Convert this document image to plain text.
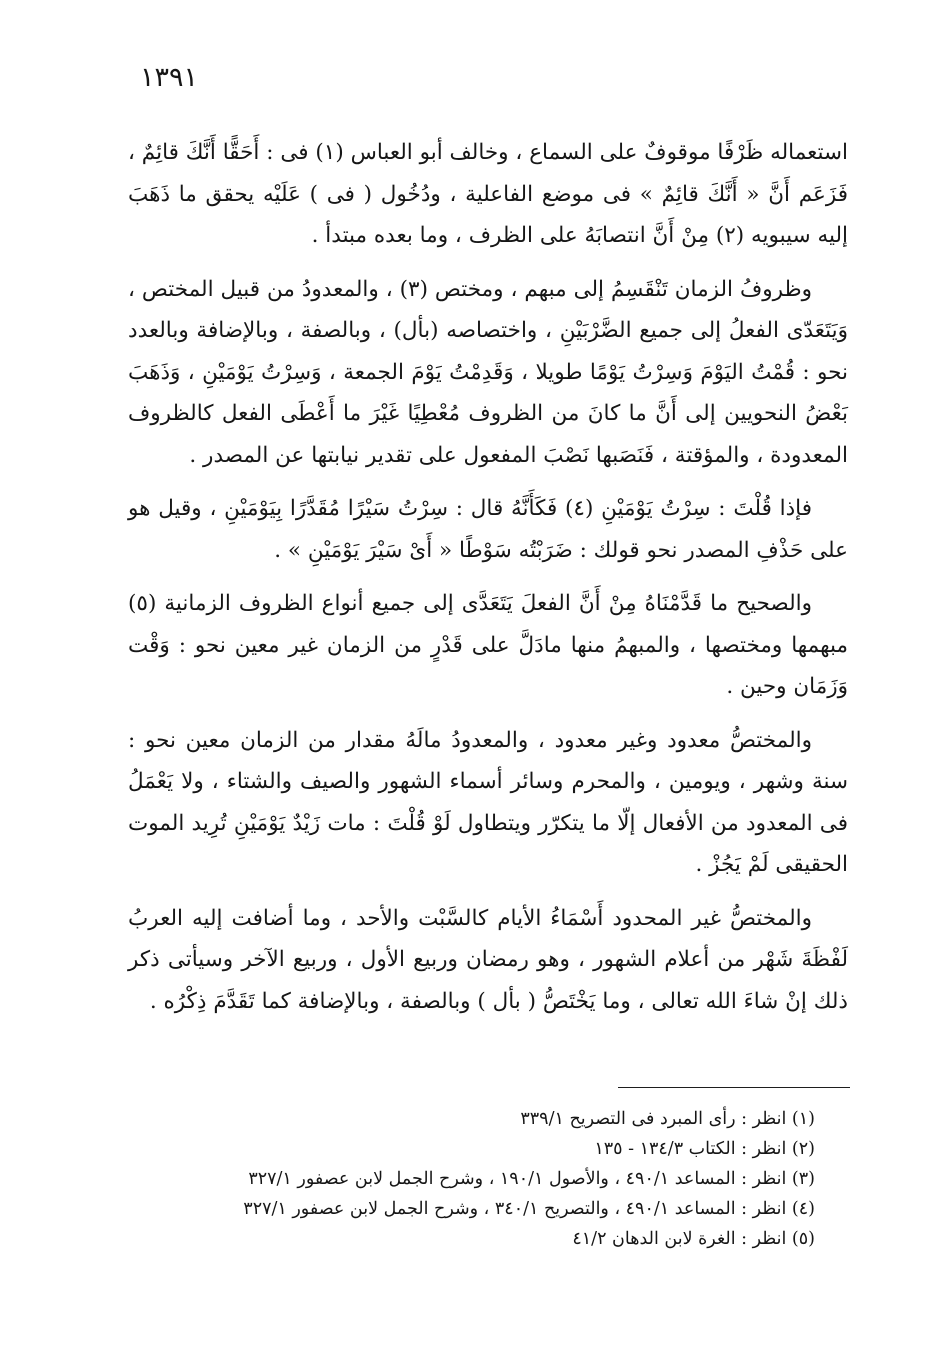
١٣٩١

استعماله ظَرْفًا موقوفٌ على السماع ، وخالف أبو العباس (١) فى : أَحَقًّا أَنَّكَ قائِمٌ ، فَزَعَم أَنَّ « أَنَّكَ قائِمٌ » فى موضع الفاعلية ، ودُخُول ( فى ) عَلَيْه يحقق ما ذَهَبَ إليه سيبويه (٢) مِنْ أَنَّ انتصابَهُ على الظرف ، وما بعده مبتدأ .

وظروفُ الزمان تَنْقَسِمُ إلى مبهم ، ومختص (٣) ، والمعدودُ من قبيل المختص ، وَيَتَعَدّى الفعلُ إلى جميع الضَّرْبَيْنِ ، واختصاصه (بأل) ، وبالصفة ، وبالإضافة وبالعدد نحو : قُمْتُ اليَوْمَ وَسِرْتُ يَوْمًا طويلا ، وَقَدِمْتُ يَوْمَ الجمعة ، وَسِرْتُ يَوْمَيْنِ ، وَذَهَبَ بَعْضُ النحويين إلى أَنَّ ما كانَ من الظروف مُعْطِيًا غَيْرَ ما أَعْطَى الفعل كالظروف المعدودة ، والمؤقتة ، فَنَصَبها نَصْبَ المفعول على تقدير نيابتها عن المصدر .

فإذا قُلْتَ : سِرْتُ يَوْمَيْنِ (٤) فَكَأَنَّهُ قال : سِرْتُ سَيْرًا مُقَدَّرًا بِيَوْمَيْنِ ، وقيل هو على حَذْفِ المصدر نحو قولك : ضَرَبْتُه سَوْطًا « أَىْ سَيْرَ يَوْمَيْنِ » .

والصحيح ما قَدَّمْنَاهُ مِنْ أَنَّ الفعلَ يَتَعَدَّى إلى جميع أنواع الظروف الزمانية (٥) مبهمها ومختصها ، والمبهمُ منها مادَلَّ على قَدْرٍ من الزمان غير معين نحو : وَقْت وَزَمَان وحين .

والمختصُّ معدود وغير معدود ، والمعدودُ مالَهُ مقدار من الزمان معين نحو : سنة وشهر ، ويومين ، والمحرم وسائر أسماء الشهور والصيف والشتاء ، ولا يَعْمَلُ فى المعدود من الأفعال إلّا ما يتكرّر ويتطاول لَوْ قُلْتَ : مات زَيْدٌ يَوْمَيْنِ تُرِيد الموت الحقيقى لَمْ يَجُزْ .

والمختصُّ غير المحدود أَسْمَاءُ الأيام كالسَّبْت والأحد ، وما أضافت إليه العربُ لَفْظَةَ شَهْر من أعلام الشهور ، وهو رمضان وربيع الأول ، وربيع الآخر وسيأتى ذكر ذلك إنْ شاءَ الله تعالى ، وما يَخْتَصُّ ( بأل ) وبالصفة ، وبالإضافة كما تَقَدَّمَ ذِكْرُه .

(١) انظر : رأى المبرد فى التصريح ٣٣٩/١
(٢) انظر : الكتاب ١٣٤/٣ - ١٣٥
(٣) انظر : المساعد ٤٩٠/١ ، والأصول ١٩٠/١ ، وشرح الجمل لابن عصفور ٣٢٧/١
(٤) انظر : المساعد ٤٩٠/١ ، والتصريح ٣٤٠/١ ، وشرح الجمل لابن عصفور ٣٢٧/١
(٥) انظر : الغرة لابن الدهان ٤١/٢
